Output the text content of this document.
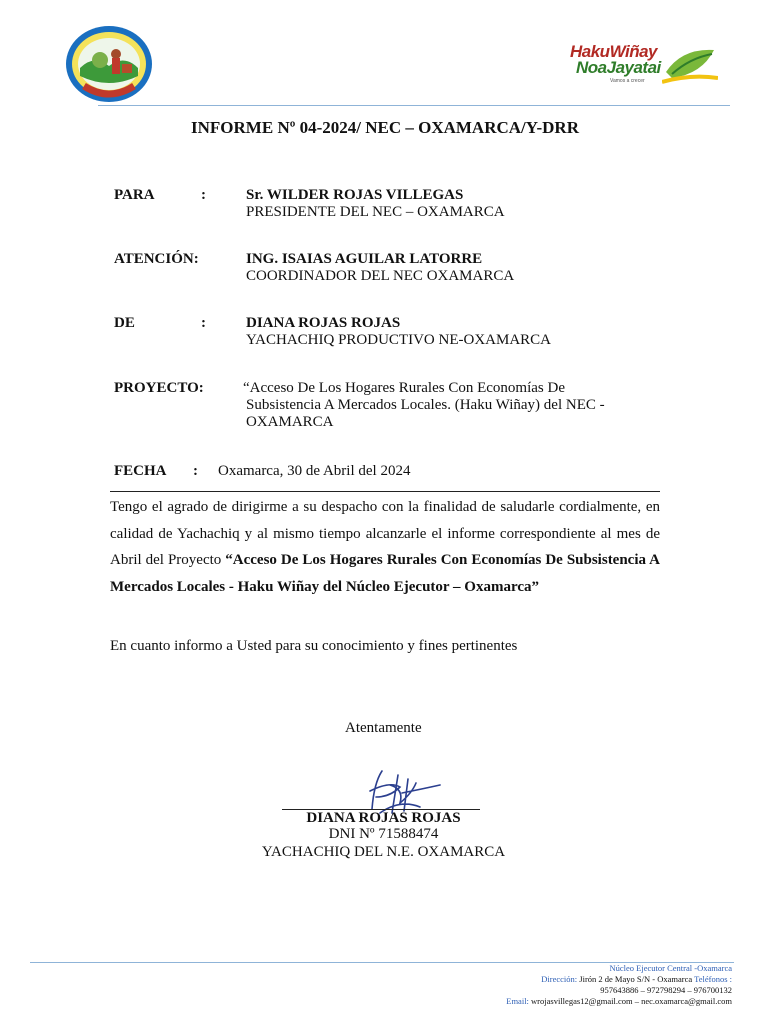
HakuWiñay
NoaJayatai
Vamos a crecer
INFORME Nº 04-2024/ NEC – OXAMARCA/Y-DRR
PARA	:	Sr. WILDER ROJAS VILLEGAS
PRESIDENTE DEL NEC – OXAMARCA
ATENCIÓN:	ING. ISAIAS AGUILAR LATORRE
COORDINADOR DEL NEC OXAMARCA
DE	:	DIANA ROJAS ROJAS
YACHACHIQ PRODUCTIVO NE-OXAMARCA
PROYECTO:	“Acceso De Los Hogares Rurales Con Economías De
Subsistencia A Mercados Locales. (Haku Wiñay) del NEC -
OXAMARCA
FECHA : Oxamarca, 30 de Abril del 2024
Tengo el agrado de dirigirme a su despacho con la finalidad de saludarle cordialmente, en calidad de Yachachiq y al mismo tiempo alcanzarle el informe correspondiente al mes de Abril del Proyecto “Acceso De Los Hogares Rurales Con Economías De Subsistencia A Mercados Locales - Haku Wiñay del Núcleo Ejecutor – Oxamarca”
En cuanto informo a Usted para su conocimiento y fines pertinentes
Atentamente
DIANA ROJAS ROJAS
DNI Nº 71588474
YACHACHIQ DEL N.E. OXAMARCA
Núcleo Ejecutor Central -Oxamarca
Dirección: Jirón 2 de Mayo S/N - Oxamarca Teléfonos :
957643886 – 972798294 – 976700132
Email: wrojasvillegas12@gmail.com – nec.oxamarca@gmail.com
